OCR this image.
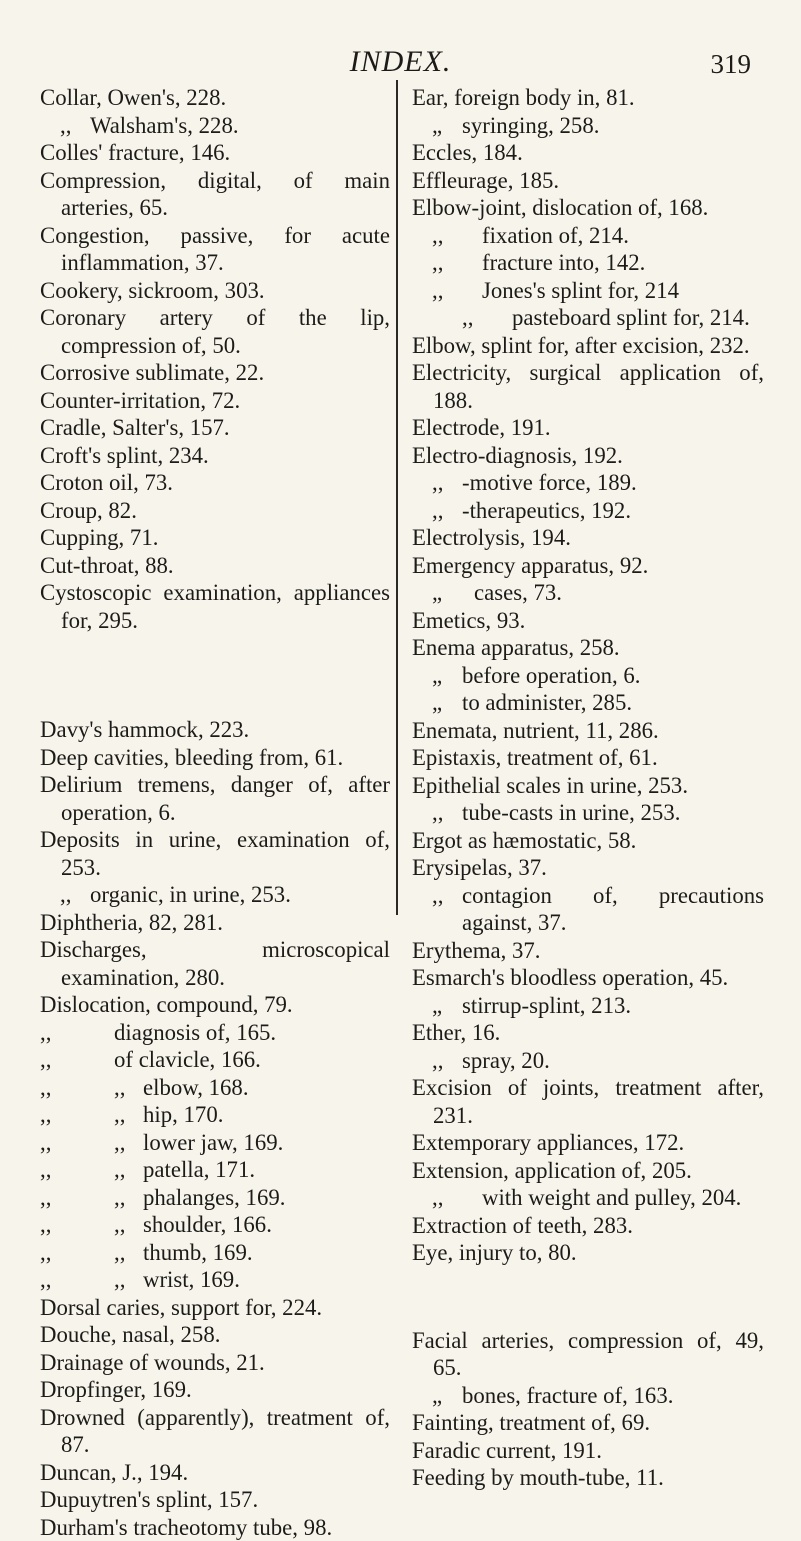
INDEX.	319

Collar, Owen's, 228.

,, Walsham's, 228.

Colles' fracture, 146.

Compression, digital, of main arteries, 65.

Congestion, passive, for acute inflammation, 37.

Cookery, sickroom, 303.

Coronary artery of the lip, compression of, 50.

Corrosive sublimate, 22.

Counter-irritation, 72.

Cradle, Salter's, 157.

Croft's splint, 234.

Croton oil, 73.

Croup, 82.

Cupping, 71.

Cut-throat, 88.

Cystoscopic examination, appliances for, 295.

Davy's hammock, 223.

Deep cavities, bleeding from, 61.

Delirium tremens, danger of, after operation, 6.

Deposits in urine, examination of, 253.

,, organic, in urine, 253.

Diphtheria, 82, 281.

Discharges, microscopical examination, 280.

Dislocation, compound, 79.

,,	diagnosis of, 165.

,,	of clavicle, 166.

,,	,, elbow, 168.

,,	,, hip, 170.

,,	,, lower jaw, 169.

,,	,, patella, 171.

,,	,, phalanges, 169.

,,	,, shoulder, 166.

,,	,, thumb, 169.

,,	,, wrist, 169.

Dorsal caries, support for, 224.

Douche, nasal, 258.

Drainage of wounds, 21.

Dropfinger, 169.

Drowned (apparently), treatment of, 87.

Duncan, J., 194.

Dupuytren's splint, 157.

Durham's tracheotomy tube, 98.

Ear, foreign body in, 81.

„ syringing, 258.

Eccles, 184.

Effleurage, 185.

Elbow-joint, dislocation of, 168.

,, fixation of, 214.

,, fracture into, 142.

,, Jones's splint for, 214

,, pasteboard splint for, 214.

Elbow, splint for, after excision, 232.

Electricity, surgical application of, 188.

Electrode, 191.

Electro-diagnosis, 192.

,, -motive force, 189.

,, -therapeutics, 192.

Electrolysis, 194.

Emergency apparatus, 92.

„ cases, 73.

Emetics, 93.

Enema apparatus, 258.

„ before operation, 6.

„ to administer, 285.

Enemata, nutrient, 11, 286.

Epistaxis, treatment of, 61.

Epithelial scales in urine, 253.

,, tube-casts in urine, 253.

Ergot as hæmostatic, 58.

Erysipelas, 37.

,, contagion of, precautions against, 37.

Erythema, 37.

Esmarch's bloodless operation, 45.

„ stirrup-splint, 213.

Ether, 16.

,, spray, 20.

Excision of joints, treatment after, 231.

Extemporary appliances, 172.

Extension, application of, 205.

,, with weight and pulley, 204.

Extraction of teeth, 283.

Eye, injury to, 80.

Facial arteries, compression of, 49, 65.

„ bones, fracture of, 163.

Fainting, treatment of, 69.

Faradic current, 191.

Feeding by mouth-tube, 11.
